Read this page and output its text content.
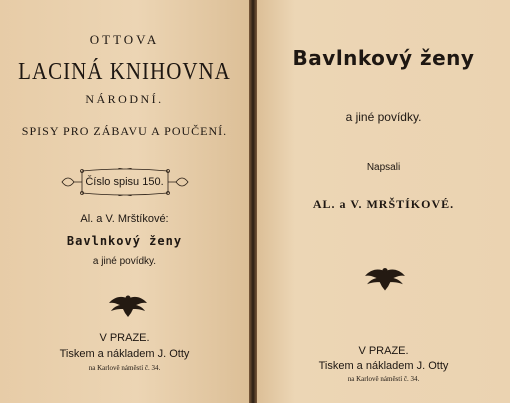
OTTOVA
LACINÁ KNIHOVNA
NÁRODNÍ.
SPISY PRO ZÁBAVU A POUČENÍ.
Číslo spisu 150.
Al. a V. Mrštíkové:
Bavlnkový ženy
a jiné povídky.
V PRAZE.
Tiskem a nákladem J. Otty
na Karlově náměstí č. 34.
Bavlnkový ženy
a jiné povídky.
Napsali
AL. a V. MRŠTÍKOVÉ.
V PRAZE.
Tiskem a nákladem J. Otty
na Karlově náměstí č. 34.
